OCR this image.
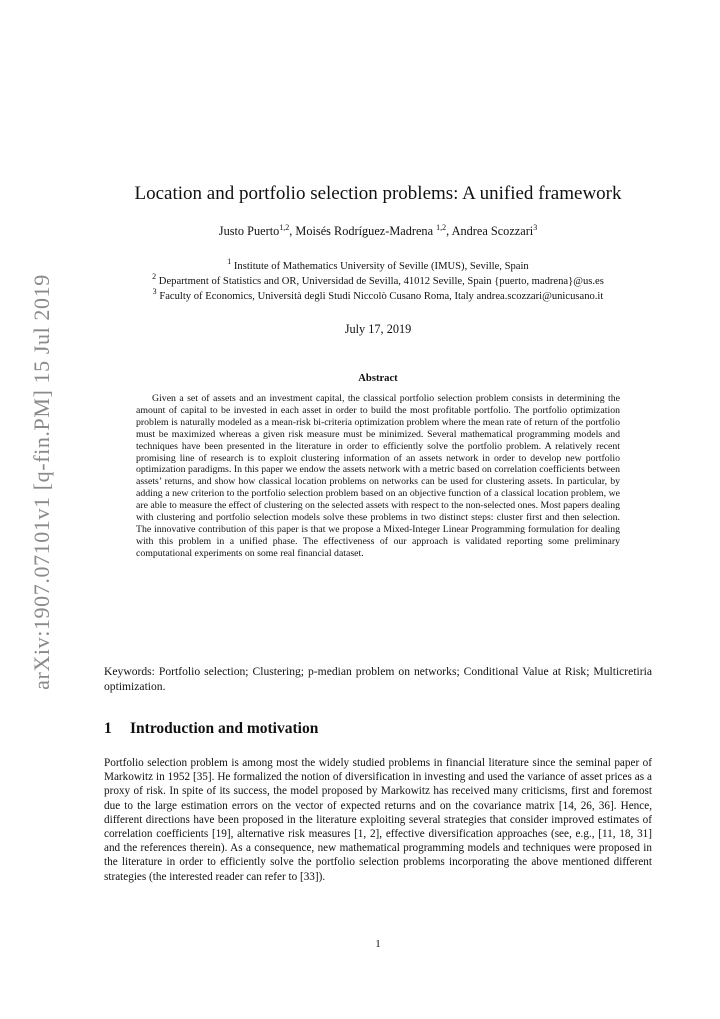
arXiv:1907.07101v1 [q-fin.PM] 15 Jul 2019
Location and portfolio selection problems: A unified framework
Justo Puerto$^{1,2}$, Moisés Rodríguez-Madrena $^{1,2}$, Andrea Scozzari$^3$
$^1$ Institute of Mathematics University of Seville (IMUS), Seville, Spain
$^2$ Department of Statistics and OR, Universidad de Sevilla, 41012 Seville, Spain {puerto, madrena}@us.es
$^3$ Faculty of Economics, Università degli Studi Niccolò Cusano Roma, Italy andrea.scozzari@unicusano.it
July 17, 2019
Abstract

Given a set of assets and an investment capital, the classical portfolio selection problem consists in determining the amount of capital to be invested in each asset in order to build the most profitable portfolio. The portfolio optimization problem is naturally modeled as a mean-risk bi-criteria optimization problem where the mean rate of return of the portfolio must be maximized whereas a given risk measure must be minimized. Several mathematical programming models and techniques have been presented in the literature in order to efficiently solve the portfolio problem. A relatively recent promising line of research is to exploit clustering information of an assets network in order to develop new portfolio optimization paradigms. In this paper we endow the assets network with a metric based on correlation coefficients between assets’ returns, and show how classical location problems on networks can be used for clustering assets. In particular, by adding a new criterion to the portfolio selection problem based on an objective function of a classical location problem, we are able to measure the effect of clustering on the selected assets with respect to the non-selected ones. Most papers dealing with clustering and portfolio selection models solve these problems in two distinct steps: cluster first and then selection. The innovative contribution of this paper is that we propose a Mixed-Integer Linear Programming formulation for dealing with this problem in a unified phase. The effectiveness of our approach is validated reporting some preliminary computational experiments on some real financial dataset.

Keywords: Portfolio selection; Clustering; p-median problem on networks; Conditional Value at Risk; Multicretiria optimization.

1 Introduction and motivation

Portfolio selection problem is among most the widely studied problems in financial literature since the seminal paper of Markowitz in 1952 [35]. He formalized the notion of diversification in investing and used the variance of asset prices as a proxy of risk. In spite of its success, the model proposed by Markowitz has received many criticisms, first and foremost due to the large estimation errors on the vector of expected returns and on the covariance matrix [14, 26, 36]. Hence, different directions have been proposed in the literature exploiting several strategies that consider improved estimates of correlation coefficients [19], alternative risk measures [1, 2], effective diversification approaches (see, e.g., [11, 18, 31] and the references therein). As a consequence, new mathematical programming models and techniques were proposed in the literature in order to efficiently solve the portfolio selection problems incorporating the above mentioned different strategies (the interested reader can refer to [33]).

1
